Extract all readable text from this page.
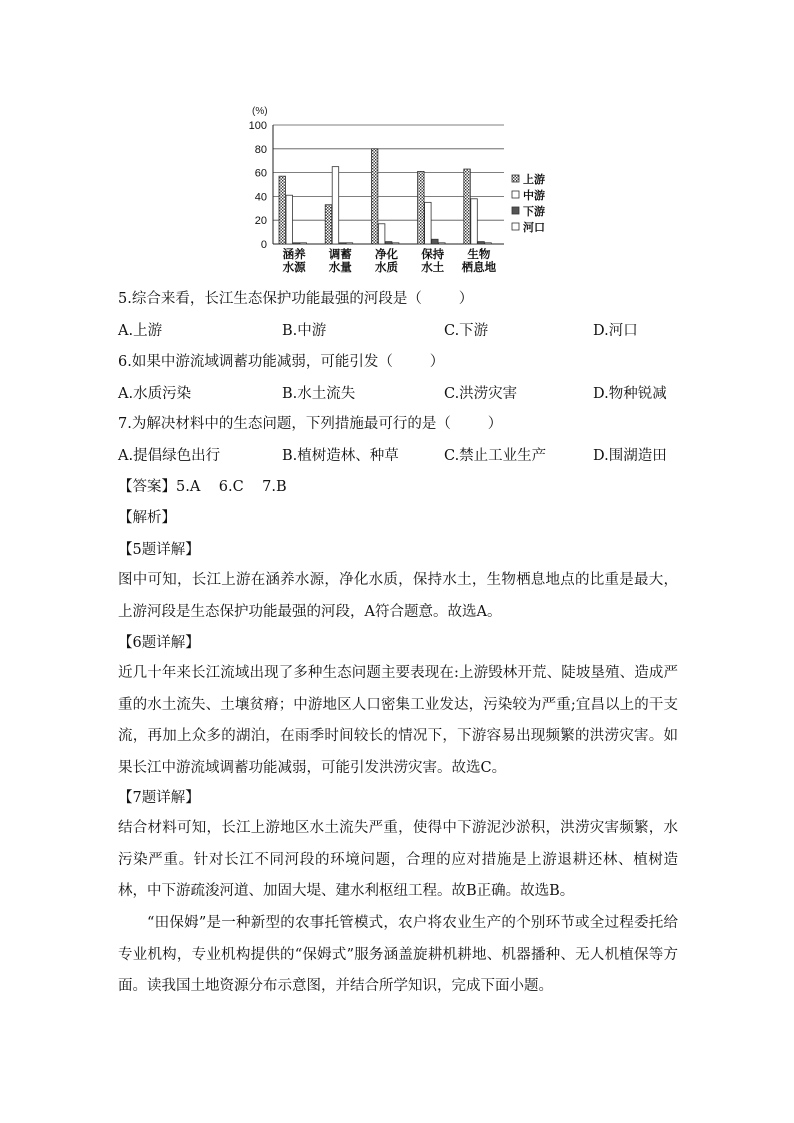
(%)
0
20
40
60
80
100
涵养
水源
调蓄
水量
净化
水质
保持
水土
生物
栖息地
上游
中游
下游
河口
5.综合来看，长江生态保护功能最强的河段是（        ）
A.上游	B.中游	C.下游	D.河口
6.如果中游流域调蓄功能减弱，可能引发（        ）
A.水质污染	B.水土流失	C.洪涝灾害	D.物种锐减
7.为解决材料中的生态问题，下列措施最可行的是（        ）
A.提倡绿色出行	B.植树造林、种草	C.禁止工业生产	D.围湖造田
【答案】5.A    6.C    7.B
【解析】
【5题详解】
图中可知，长江上游在涵养水源，净化水质，保持水土，生物栖息地点的比重是最大，上游河段是生态保护功能最强的河段，A符合题意。故选A。
【6题详解】
近几十年来长江流域出现了多种生态问题主要表现在:上游毁林开荒、陡坡垦殖、造成严重的水土流失、土壤贫瘠；中游地区人口密集工业发达，污染较为严重;宜昌以上的干支流，再加上众多的湖泊，在雨季时间较长的情况下，下游容易出现频繁的洪涝灾害。如果长江中游流域调蓄功能减弱，可能引发洪涝灾害。故选C。
【7题详解】
结合材料可知，长江上游地区水土流失严重，使得中下游泥沙淤积，洪涝灾害频繁，水污染严重。针对长江不同河段的环境问题，合理的应对措施是上游退耕还林、植树造林，中下游疏浚河道、加固大堤、建水利枢纽工程。故B正确。故选B。
“田保姆”是一种新型的农事托管模式，农户将农业生产的个别环节或全过程委托给专业机构，专业机构提供的“保姆式”服务涵盖旋耕机耕地、机器播种、无人机植保等方面。读我国土地资源分布示意图，并结合所学知识，完成下面小题。
